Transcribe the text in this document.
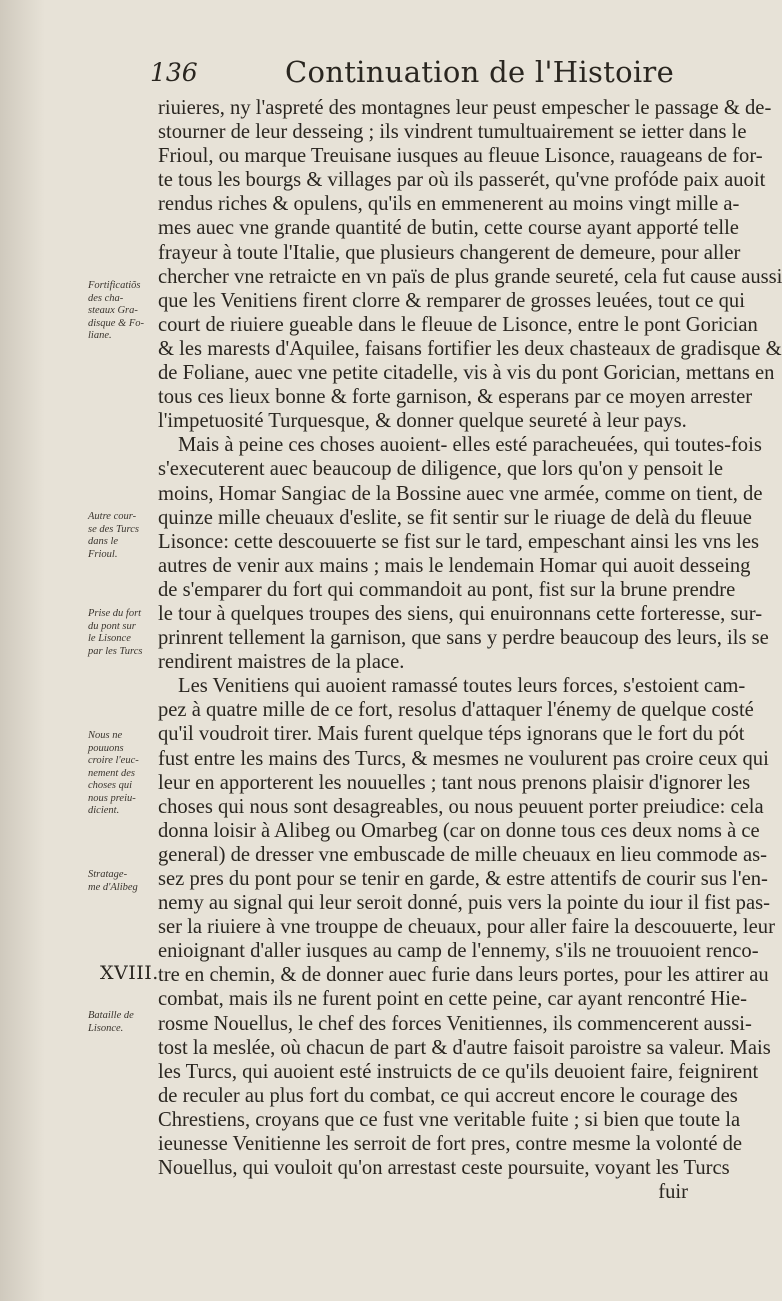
136	Continuation de l'Histoire
riuieres, ny l'aspreté des montagnes leur peust empescher le passage & de-
stourner de leur desseing ; ils vindrent tumultuairement se ietter dans le
Frioul, ou marque Treuisane iusques au fleuue Lisonce, rauageans de for-
te tous les bourgs & villages par où ils passerét, qu'vne profóde paix auoit
rendus riches & opulens, qu'ils en emmenerent au moins vingt mille a-
mes auec vne grande quantité de butin, cette course ayant apporté telle
frayeur à toute l'Italie, que plusieurs changerent de demeure, pour aller
chercher vne retraicte en vn païs de plus grande seureté, cela fut cause aussi
que les Venitiens firent clorre & remparer de grosses leuées, tout ce qui
court de riuiere gueable dans le fleuue de Lisonce, entre le pont Gorician
& les marests d'Aquilee, faisans fortifier les deux chasteaux de gradisque &
de Foliane, auec vne petite citadelle, vis à vis du pont Gorician, mettans en
tous ces lieux bonne & forte garnison, & esperans par ce moyen arrester
l'impetuosité Turquesque, & donner quelque seureté à leur pays.
Mais à peine ces choses auoient- elles esté paracheuées, qui toutes-fois
s'executerent auec beaucoup de diligence, que lors qu'on y pensoit le
moins, Homar Sangiac de la Bossine auec vne armée, comme on tient, de
quinze mille cheuaux d'eslite, se fit sentir sur le riuage de delà du fleuue
Lisonce: cette descouuerte se fist sur le tard, empeschant ainsi les vns les
autres de venir aux mains ; mais le lendemain Homar qui auoit desseing
de s'emparer du fort qui commandoit au pont, fist sur la brune prendre
le tour à quelques troupes des siens, qui enuironnans cette forteresse, sur-
prinrent tellement la garnison, que sans y perdre beaucoup des leurs, ils se
rendirent maistres de la place.
Les Venitiens qui auoient ramassé toutes leurs forces, s'estoient cam-
pez à quatre mille de ce fort, resolus d'attaquer l'énemy de quelque costé
qu'il voudroit tirer. Mais furent quelque téps ignorans que le fort du pót
fust entre les mains des Turcs, & mesmes ne voulurent pas croire ceux qui
leur en apporterent les nouuelles ; tant nous prenons plaisir d'ignorer les
choses qui nous sont desagreables, ou nous peuuent porter preiudice: cela
donna loisir à Alibeg ou Omarbeg (car on donne tous ces deux noms à ce
general) de dresser vne embuscade de mille cheuaux en lieu commode as-
sez pres du pont pour se tenir en garde, & estre attentifs de courir sus l'en-
nemy au signal qui leur seroit donné, puis vers la pointe du iour il fist pas-
ser la riuiere à vne trouppe de cheuaux, pour aller faire la descouuerte, leur
enioignant d'aller iusques au camp de l'ennemy, s'ils ne trouuoient renco-
tre en chemin, & de donner auec furie dans leurs portes, pour les attirer au
combat, mais ils ne furent point en cette peine, car ayant rencontré Hie-
rosme Nouellus, le chef des forces Venitiennes, ils commencerent aussi-
tost la meslée, où chacun de part & d'autre faisoit paroistre sa valeur. Mais
les Turcs, qui auoient esté instruicts de ce qu'ils deuoient faire, feignirent
de reculer au plus fort du combat, ce qui accreut encore le courage des
Chrestiens, croyans que ce fust vne veritable fuite ; si bien que toute la
ieunesse Venitienne les serroit de fort pres, contre mesme la volonté de
Nouellus, qui vouloit qu'on arrestast ceste poursuite, voyant les Turcs
fuir
Fortificatiõs
des cha-
steaux Gra-
disque & Fo-
liane.
Autre cour-
se des Turcs
dans le
Frioul.
Prise du fort
du pont sur
le Lisonce
par les Turcs
Nous ne
pouuons
croire l'euc-
nement des
choses qui
nous preiu-
dicient.
Stratage-
me d'Alibeg
XVIII.
Bataille de
Lisonce.
